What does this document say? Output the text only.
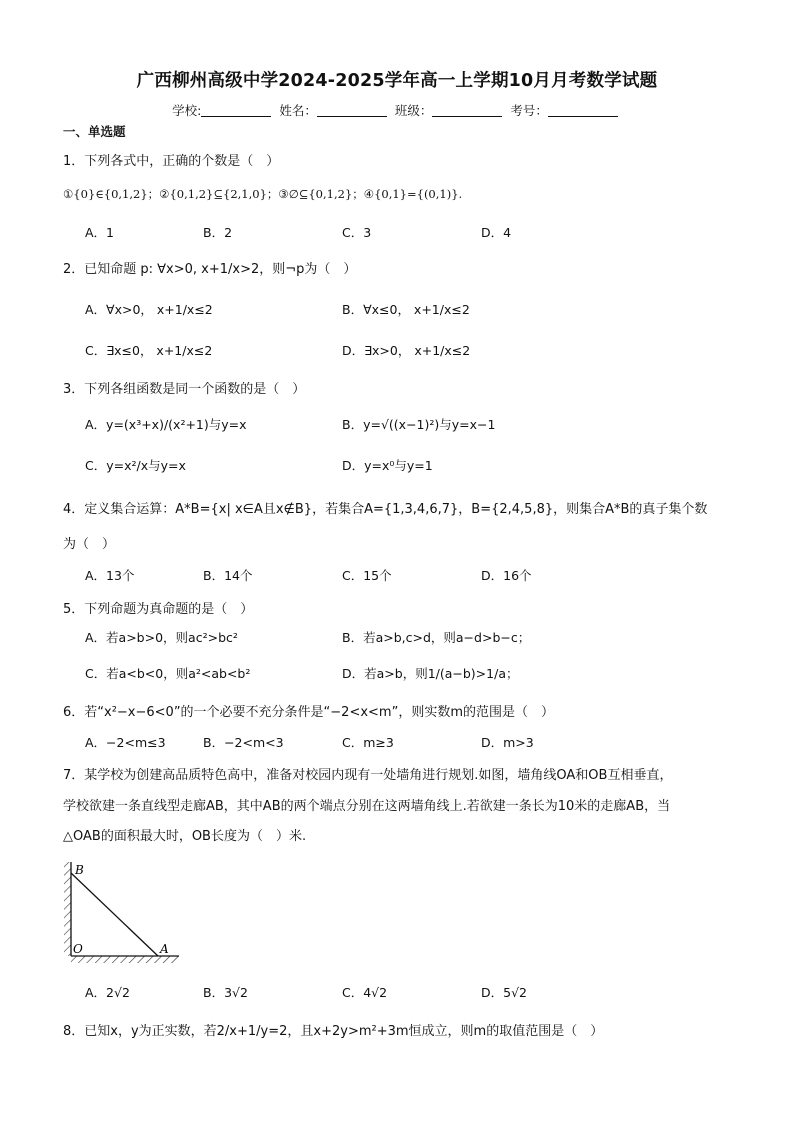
广西柳州高级中学2024-2025学年高一上学期10月月考数学试题
学校:	姓名：	班级：	考号：
一、单选题
1．下列各式中，正确的个数是（　）
①{0}∈{0,1,2}；②{0,1,2}⊆{2,1,0}；③∅⊆{0,1,2}；④{0,1}={(0,1)}.
A．1	B．2	C．3	D．4
2．已知命题 p: ∀x>0, x+1/x>2，则¬p为（　）
A．∀x>0， x+1/x≤2	B．∀x≤0， x+1/x≤2
C．∃x≤0， x+1/x≤2	D．∃x>0， x+1/x≤2
3．下列各组函数是同一个函数的是（　）
A．y=(x³+x)/(x²+1)与y=x	B．y=√((x−1)²)与y=x−1
C．y=x²/x与y=x	D．y=x⁰与y=1
4．定义集合运算：A*B={x| x∈A且x∉B}，若集合A={1,3,4,6,7}，B={2,4,5,8}，则集合A*B的真子集个数
为（　）
A．13个	B．14个	C．15个	D．16个
5．下列命题为真命题的是（　）
A．若a>b>0，则ac²>bc²	B．若a>b,c>d，则a−d>b−c；
C．若a<b<0，则a²<ab<b²	D．若a>b，则1/(a−b)>1/a；
6．若“x²−x−6<0”的一个必要不充分条件是“−2<x<m”，则实数m的范围是（　）
A．−2<m≤3	B．−2<m<3	C．m≥3	D．m>3
7．某学校为创建高品质特色高中，准备对校园内现有一处墙角进行规划.如图，墙角线OA和OB互相垂直，
学校欲建一条直线型走廊AB，其中AB的两个端点分别在这两墙角线上.若欲建一条长为10米的走廊AB，当
△OAB的面积最大时，OB长度为（　）米.
B
O	A
A．2√2	B．3√2	C．4√2	D．5√2
8．已知x，y为正实数，若2/x+1/y=2，且x+2y>m²+3m恒成立，则m的取值范围是（　）
